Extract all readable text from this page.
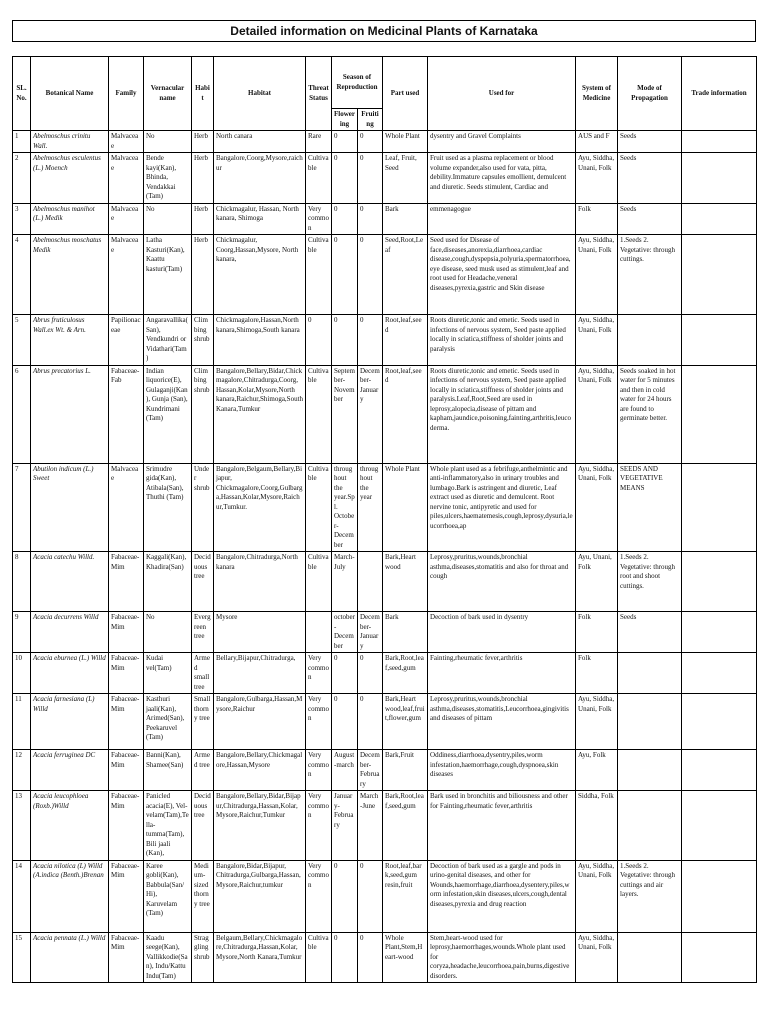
Detailed information on Medicinal Plants of Karnataka
SL. No.	Botanical Name	Family	Vernacular name	Habit	Habitat	Threat Status	Season of Reproduction		Part used	Used for	System of Medicine	Mode of Propagation	Trade information
							Flowering	Fruiting					
1	Abelmoschus crinitu Wall.	Malvaceae	No	Herb	North canara	Rare	0	0	Whole Plant	dysentry and Gravel Complaints	AUS and F	Seeds	
2	Abelmoschus esculentus (L.) Moench	Malvaceae	Bende kayi(Kan), Bhinda, Vendakkai (Tam)	Herb	Bangalore,Coorg,Mysore,raichur	Cultivable	0	0	Leaf, Fruit, Seed	Fruit used as a plasma replacement or blood volume expander,also used for vata, pitta, debility.Immature capsules emollient, demulcent and diuretic. Seeds stimulent, Cardiac and	Ayu, Siddha, Unani, Folk	Seeds	
3	Abelmoschus manihot (L.) Medik	Malvaceae	No	Herb	Chickmagalur, Hassan, North kanara, Shimoga	Very common	0	0	Bark	emmenagogue	Folk	Seeds	
4	Abelmoschus moschatus Medik	Malvaceae	Latha Kasturi(Kan), Kaattu kasturi(Tam)	Herb	Chickmagalur, Coorg,Hassan,Mysore, North kanara,	Cultivable	0	0	Seed,Root,Leaf	Seed used for Disease of face,diseases,anorexia,diarrhoea,cardiac disease,cough,dyspepsia,polyuria,spermatorrhoea,eye disease, seed musk used as stimulent,leaf and root used for Headache,veneral diseases,pyrexia,gastric and Skin disease	Ayu, Siddha, Unani, Folk	1.Seeds 2. Vegetative: through cuttings.	
5	Abrus fruticulosus Wall.ex Wt. & Arn.	Papilionaceae	Angaravallika(San), Vendkundri or Vidathari(Tam)	Climbing shrub	Chickmagalore,Hassan,North kanara,Shimoga,South kanara	0	0	0	Root,leaf,seed	Roots diuretic,tonic and emetic. Seeds used in infections of nervous system, Seed paste applied locally in sciatica,stiffness of sholder joints and paralysis	Ayu, Siddha, Unani, Folk		
6	Abrus precatorius L.	Fabaceae-Fab	Indian liquorice(E), Gulaganji(Kan), Gunja (San), Kundrimani (Tam)	Climbing shrub	Bangalore,Bellary,Bidar,Chickmagalore,Chitradurga,Coorg,Hassan,Kolar,Mysore,North kanara,Raichur,Shimoga,South Kanara,Tumkur	Cultivable	September-November	December-January	Root,leaf,seed	Roots diuretic,tonic and emetic. Seeds used in infections of nervous system, Seed paste applied locally in sciatica,stiffness of sholder joints and paralysis.Leaf,Root,Seed are used in leprosy,alopecia,disease of pittam and kapham,jaundice,poisoning,fainting,arthritis,leucoderma.	Ayu, Siddha, Unani, Folk	Seeds soaked in hot water for 5 minutes and then in cold water for 24 hours are found to germinate better.	
7	Abutilon indicum (L.) Sweet	Malvaceae	Srimudre gida(Kan), Atibala(San), Thuthi (Tam)	Under shrub	Bangalore,Belgaum,Bellary,Bijapur, Chickmagalore,Coorg,Gulbarga,Hassan,Kolar,Mysore,Raichur,Tumkur.	Cultivable	throughout the year.Spl. October-December	throughout the year	Whole Plant	Whole plant used as a febrifuge,anthelmintic and anti-inflammatory,also in urinary troubles and lumbago.Bark is astringent and diuretic, Leaf extract used as diuretic and demulcent. Root nervine tonic, antipyretic and used for piles,ulcers,haematemesis,cough,leprosy,dysuria,leucorrhoea,ap	Ayu, Siddha, Unani, Folk	SEEDS AND VEGETATIVE MEANS	
8	Acacia catechu Willd.	Fabaceae-Mim	Kaggali(Kan), Khadira(San)	Deciduous tree	Bangalore,Chitradurga,North kanara	Cultivable	March-July		Bark,Heart wood	Leprosy,pruritus,wounds,bronchial asthma,diseases,stomatitis and also for throat and cough	Ayu, Unani, Folk	1.Seeds 2. Vegetative: through root and shoot cuttings.	
9	Acacia decurrens Willd	Fabaceae-Mim	No	Evergreen tree	Mysore		october-December	December-January	Bark	Decoction of bark used in dysentry	Folk	Seeds	
10	Acacia eburnea (L.) Willd	Fabaceae-Mim	Kudai vel(Tam)	Armed small tree	Bellary,Bijapur,Chitradurga,	Very common	0	0	Bark,Root,leaf,seed,gum	Fainting,rheumatic fever,arthritis	Folk		
11	Acacia farnesiana (L) Willd	Fabaceae-Mim	Kasthuri jaali(Kan), Arimed(San), Peekaruvel (Tam)	Small thorny tree	Bangalore,Gulbarga,Hassan,Mysore,Raichur	Very common	0	0	Bark,Heart wood,leaf,fruit,flower,gum	Leprosy,pruritus,wounds,bronchial asthma,diseases,stomatitis,Leucorrhoea,gingivitis and diseases of pittam	Ayu, Siddha, Unani, Folk		
12	Acacia ferruginea DC	Fabaceae-Mim	Banni(Kan), Shamee(San)	Armed tree	Bangalore,Bellary,Chickmagalore,Hassan,Mysore	Very common	August-march	December-February	Bark,Fruit	Oddiness,diarrhoea,dysentry,piles,worm infestation,haemorrhage,cough,dyspnoea,skin diseases	Ayu, Folk		
13	Acacia leucophloea (Roxb.)Willd	Fabaceae-Mim	Panicled acacia(E), Vel-velam(Tam),Tella-tumma(Tam), Bili jaali (Kan),	Deciduous tree	Bangalore,Bellary,Bidar,Bijapur,Chitradurga,Hassan,Kolar,Mysore,Raichur,Tumkur	Very common	January-February	March-June	Bark,Root,leaf,seed,gum	Bark used in bronchitis and biliousness and other for Fainting,rheumatic fever,arthritis	Siddha, Folk		
14	Acacia nilotica (L) Willd (A.indica (Benth.)Brenan	Fabaceae-Mim	Karee gobli(Kan), Babbula(San/Hi), Karuvelam (Tam)	Medium-sized thorny tree	Bangalore,Bidar,Bijapur, Chitradurga,Gulbarga,Hassan,Mysore,Raichur,tumkur	Very common	0	0	Root,leaf,bark,seed,gum resin,fruit	Decoction of bark used as a gargle and pods in urino-genital diseases, and other for Wounds,haemorrhage,diarrhoea,dysentery,piles,worm infestation,skin diseases,ulcers,cough,dental diseases,pyrexia and drug reaction	Ayu, Siddha, Unani, Folk	1.Seeds 2. Vegetative: through cuttings and air layers.	
15	Acacia pennata (L.) Willd	Fabaceae-Mim	Kaadu seege(Kan), Vallikkodie(San), Indu/Kattu Indu(Tam)	Straggling shrub	Belgaum,Bellary,Chickmagalore,Chitradurga,Hassan,Kolar,Mysore,North Kanara,Tumkur	Cultivable	0	0	Whole Plant,Stem,Heart-wood	Stem,heart-wood used for leprosy,haemorrhages,wounds.Whole plant used for coryza,headache,leucorrhoea,pain,burns,digestive disorders.	Ayu, Siddha, Unani, Folk		
